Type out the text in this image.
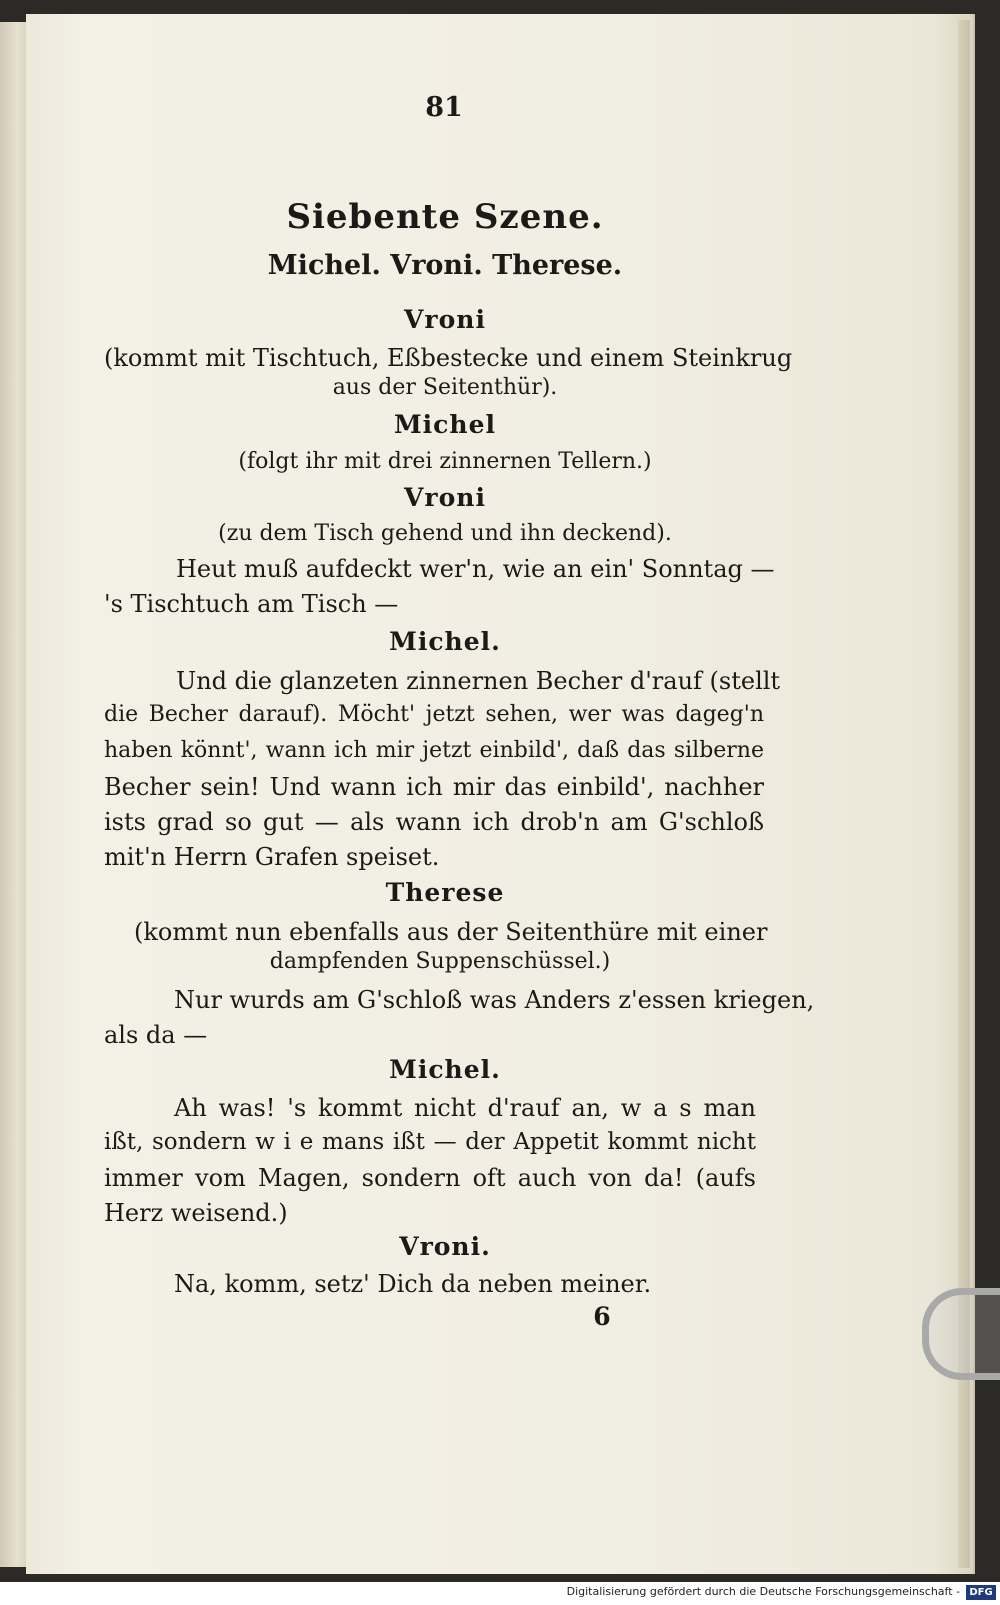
81
Siebente Szene.
Michel. Vroni. Therese.
Vroni
(kommt mit Tischtuch, Eßbestecke und einem Steinkrug
aus der Seitenthür).
Michel
(folgt ihr mit drei zinnernen Tellern.)
Vroni
(zu dem Tisch gehend und ihn deckend).
Heut muß aufdeckt wer'n, wie an ein' Sonntag —
's Tischtuch am Tisch —
Michel.
Und die glanzeten zinnernen Becher d'rauf (stellt
die Becher darauf). Möcht' jetzt sehen, wer was dageg'n
haben könnt', wann ich mir jetzt einbild', daß das silberne
Becher sein! Und wann ich mir das einbild', nachher
ists grad so gut — als wann ich drob'n am G'schloß
mit'n Herrn Grafen speiset.
Therese
(kommt nun ebenfalls aus der Seitenthüre mit einer
dampfenden Suppenschüssel.)
Nur wurds am G'schloß was Anders z'essen kriegen,
als da —
Michel.
Ah was! 's kommt nicht d'rauf an, w a s man
ißt, sondern w i e mans ißt — der Appetit kommt nicht
immer vom Magen, sondern oft auch von da! (aufs
Herz weisend.)
Vroni.
Na, komm, setz' Dich da neben meiner.
6
Digitalisierung gefördert durch die Deutsche Forschungsgemeinschaft - DFG
